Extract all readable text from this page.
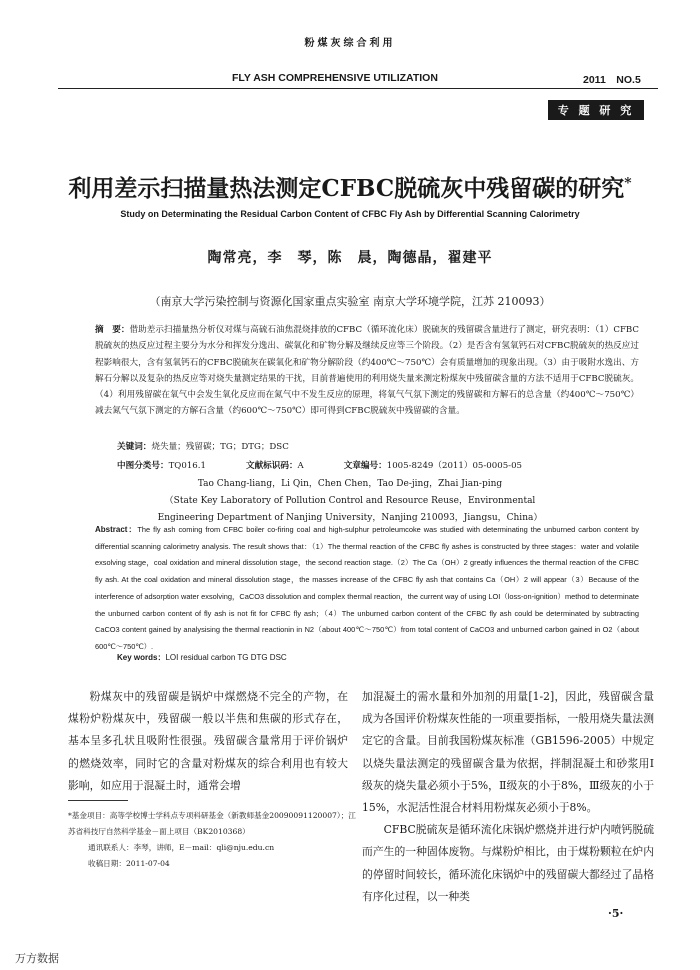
粉煤灰综合利用
FLY ASH COMPREHENSIVE UTILIZATION	2011　NO.5
专 题 研 究
利用差示扫描量热法测定CFBC脱硫灰中残留碳的研究*
Study on Determinating the Residual Carbon Content of CFBC Fly Ash by Differential Scanning Calorimetry
陶常亮，李　琴，陈　晨，陶德晶，翟建平
（南京大学污染控制与资源化国家重点实验室 南京大学环境学院，江苏 210093）
摘　要：借助差示扫描量热分析仪对煤与高硫石油焦混烧排放的CFBC（循环流化床）脱硫灰的残留碳含量进行了测定，研究表明：（1）CFBC脱硫灰的热反应过程主要分为水分和挥发分逸出、碳氧化和矿物分解及继续反应等三个阶段。（2）是否含有氢氧钙石对CFBC脱硫灰的热反应过程影响很大，含有氢氧钙石的CFBC脱硫灰在碳氧化和矿物分解阶段（约400℃～750℃）会有质量增加的现象出现。（3）由于吸附水逸出、方解石分解以及复杂的热反应等对烧失量测定结果的干扰，目前普遍使用的利用烧失量来测定粉煤灰中残留碳含量的方法不适用于CFBC脱硫灰。（4）利用残留碳在氧气中会发生氧化反应而在氮气中不发生反应的原理，将氧气气氛下测定的残留碳和方解石的总含量（约400℃～750℃）减去氮气气氛下测定的方解石含量（约600℃～750℃）即可得到CFBC脱硫灰中残留碳的含量。
关键词：烧失量；残留碳；TG；DTG；DSC
中图分类号：TQ016.1	文献标识码：A	文章编号：1005-8249（2011）05-0005-05
Tao Chang-liang，Li Qin，Chen Chen，Tao De-jing，Zhai Jian-ping
（State Key Laboratory of Pollution Control and Resource Reuse，Environmental
Engineering Department of Nanjing University，Nanjing 210093，Jiangsu，China）
Abstract：The fly ash coming from CFBC boiler co-firing coal and high-sulphur petroleumcoke was studied with determinating the unburned carbon content by differential scanning calorimetry analysis. The result shows that：（1）The thermal reaction of the CFBC fly ashes is constructed by three stages：water and volatile exsolving stage，coal oxidation and mineral dissolution stage，the second reaction stage.（2）The Ca（OH）2 greatly influences the thermal reaction of the CFBC fly ash. At the coal oxidation and mineral dissolution stage，the masses increase of the CFBC fly ash that contains Ca（OH）2 will appear（3）Because of the interference of adsorption water exsolving，CaCO3 dissolution and complex thermal reaction，the current way of using LOI（loss-on-ignition）method to determinate the unburned carbon content of fly ash is not fit for CFBC fly ash；（4）The unburned carbon content of the CFBC fly ash could be determinated by subtracting CaCO3 content gained by analysising the thermal reactionin in N2（about 400℃～750℃）from total content of CaCO3 and unburned carbon gained in O2（about 600℃～750℃）.
Key words：LOI residual carbon TG DTG DSC

粉煤灰中的残留碳是锅炉中煤燃烧不完全的产物，在煤粉炉粉煤灰中，残留碳一般以半焦和焦碳的形式存在，基本呈多孔状且吸附性很强。残留碳含量常用于评价锅炉的燃烧效率，同时它的含量对粉煤灰的综合利用也有较大影响，如应用于混凝土时，通常会增

加混凝土的需水量和外加剂的用量[1-2]，因此，残留碳含量成为各国评价粉煤灰性能的一项重要指标，一般用烧失量法测定它的含量。目前我国粉煤灰标准（GB1596-2005）中规定以烧失量法测定的残留碳含量为依据，拌制混凝土和砂浆用Ⅰ级灰的烧失量必须小于5%，Ⅱ级灰的小于8%，Ⅲ级灰的小于15%，水泥活性混合材料用粉煤灰必须小于8%。

CFBC脱硫灰是循环流化床锅炉燃烧并进行炉内喷钙脱硫而产生的一种固体废物。与煤粉炉相比，由于煤粉颗粒在炉内的停留时间较长，循环流化床锅炉中的残留碳大都经过了晶格有序化过程，以一种类

*基金项目：高等学校博士学科点专项科研基金（新教师基金20090091120007）；江苏省科技厅自然科学基金－面上项目（BK2010368）
通讯联系人：李琴，讲师，E－mail：qli@nju.edu.cn
收稿日期：2011-07-04
·5·
万方数据
